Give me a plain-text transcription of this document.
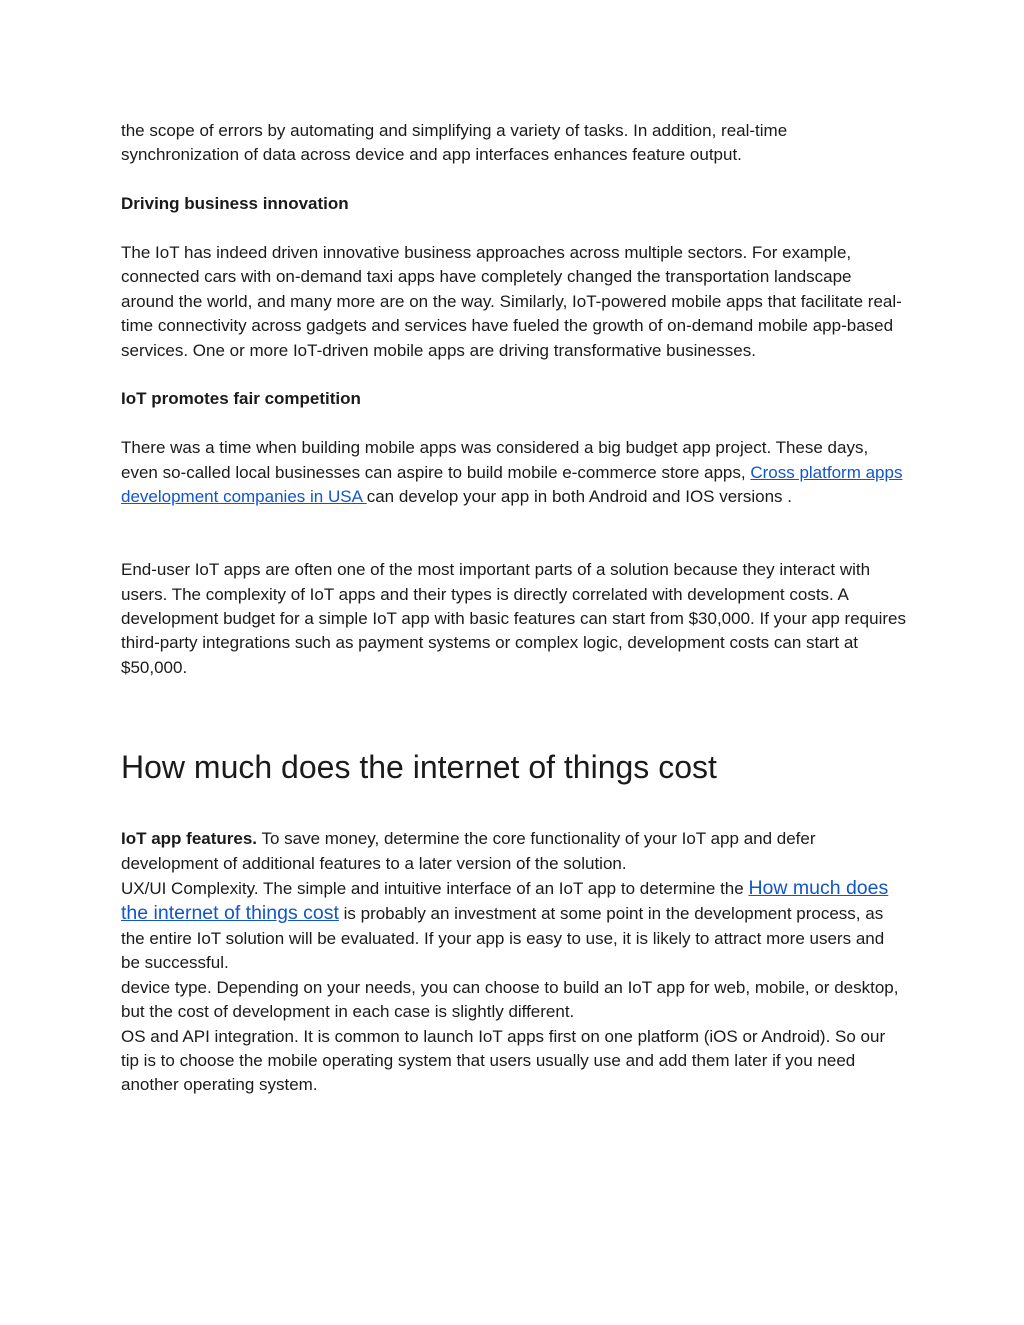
the scope of errors by automating and simplifying a variety of tasks. In addition, real-time synchronization of data across device and app interfaces enhances feature output.

Driving business innovation

The IoT has indeed driven innovative business approaches across multiple sectors. For example, connected cars with on-demand taxi apps have completely changed the transportation landscape around the world, and many more are on the way. Similarly, IoT-powered mobile apps that facilitate real-time connectivity across gadgets and services have fueled the growth of on-demand mobile app-based services. One or more IoT-driven mobile apps are driving transformative businesses.

IoT promotes fair competition

There was a time when building mobile apps was considered a big budget app project. These days, even so-called local businesses can aspire to build mobile e-commerce store apps, Cross platform apps development companies in USA can develop your app in both Android and IOS versions .

End-user IoT apps are often one of the most important parts of a solution because they interact with users. The complexity of IoT apps and their types is directly correlated with development costs. A development budget for a simple IoT app with basic features can start from $30,000. If your app requires third-party integrations such as payment systems or complex logic, development costs can start at $50,000.

How much does the internet of things cost

IoT app features. To save money, determine the core functionality of your IoT app and defer development of additional features to a later version of the solution.

UX/UI Complexity. The simple and intuitive interface of an IoT app to determine the How much does the internet of things cost is probably an investment at some point in the development process, as the entire IoT solution will be evaluated. If your app is easy to use, it is likely to attract more users and be successful.

device type. Depending on your needs, you can choose to build an IoT app for web, mobile, or desktop, but the cost of development in each case is slightly different.

OS and API integration. It is common to launch IoT apps first on one platform (iOS or Android). So our tip is to choose the mobile operating system that users usually use and add them later if you need another operating system.
